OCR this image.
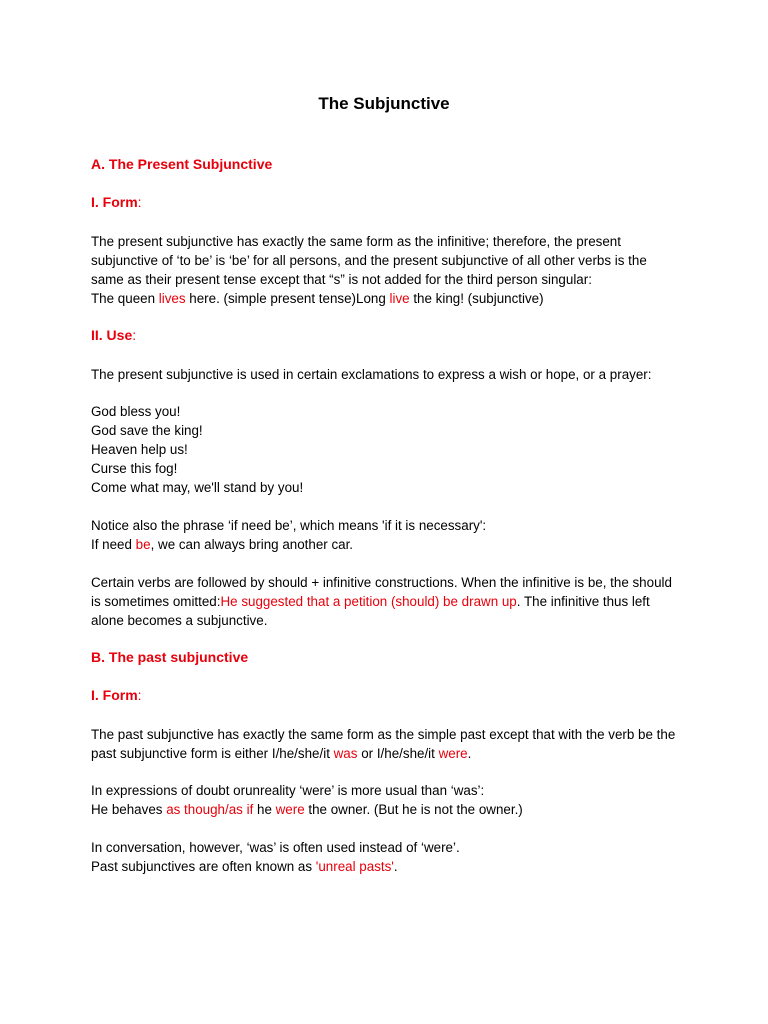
The Subjunctive
A. The Present Subjunctive
I. Form:
The present subjunctive has exactly the same form as the infinitive; therefore, the present subjunctive of ‘to be’ is ‘be’ for all persons, and the present subjunctive of all other verbs is the same as their present tense except that “s” is not added for the third person singular:
The queen lives here. (simple present tense)Long live the king! (subjunctive)
II. Use:
The present subjunctive is used in certain exclamations to express a wish or hope, or a prayer:
God bless you!
God save the king!
Heaven help us!
Curse this fog!
Come what may, we'll stand by you!
Notice also the phrase ‘if need be’, which means 'if it is necessary':
If need be, we can always bring another car.
Certain verbs are followed by should + infinitive constructions. When the infinitive is be, the should is sometimes omitted:He suggested that a petition (should) be drawn up. The infinitive thus left alone becomes a subjunctive.
B. The past subjunctive
I. Form:
The past subjunctive has exactly the same form as the simple past except that with the verb be the past subjunctive form is either I/he/she/it was or I/he/she/it were.
In expressions of doubt orunreality ‘were’ is more usual than ‘was’:
He behaves as though/as if he were the owner. (But he is not the owner.)
In conversation, however, ‘was’ is often used instead of ‘were’.
Past subjunctives are often known as 'unreal pasts'.
